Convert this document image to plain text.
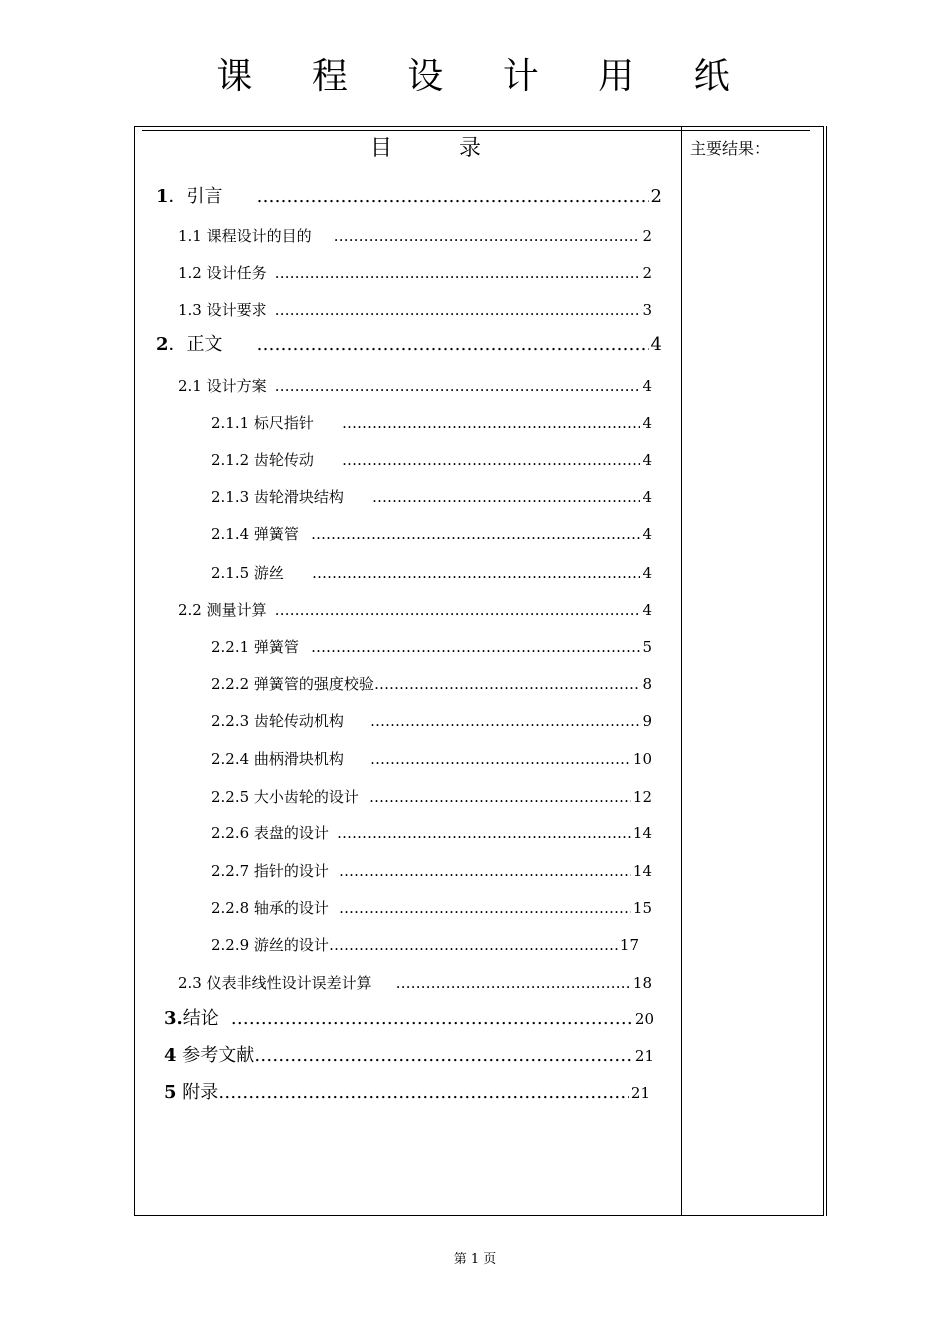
课 程 设 计 用 纸
目 录	主要结果：
1．引言 ………………………………………………………………………………………………………………………………………………	2
1.1 课程设计的目的 ………………………………………………………………………………………………………………………………………………	2
1.2 设计任务 ………………………………………………………………………………………………………………………………………………	2
1.3 设计要求 ………………………………………………………………………………………………………………………………………………	3
2．正文 ………………………………………………………………………………………………………………………………………………	4
2.1 设计方案 ………………………………………………………………………………………………………………………………………………	4
2.1.1 标尺指针 ………………………………………………………………………………………………………………………………………………	4
2.1.2 齿轮传动 ………………………………………………………………………………………………………………………………………………	4
2.1.3 齿轮滑块结构 ………………………………………………………………………………………………………………………………………………	4
2.1.4 弹簧管 ………………………………………………………………………………………………………………………………………………	4
2.1.5 游丝 ………………………………………………………………………………………………………………………………………………	4
2.2 测量计算 ………………………………………………………………………………………………………………………………………………	4
2.2.1 弹簧管 ………………………………………………………………………………………………………………………………………………	5
2.2.2 弹簧管的强度校验 ………………………………………………………………………………………………………………………………………………	8
2.2.3 齿轮传动机构 ………………………………………………………………………………………………………………………………………………	9
2.2.4 曲柄滑块机构 ………………………………………………………………………………………………………………………………………………	10
2.2.5 大小齿轮的设计 ………………………………………………………………………………………………………………………………………………	12
2.2.6 表盘的设计 ………………………………………………………………………………………………………………………………………………	14
2.2.7 指针的设计 ………………………………………………………………………………………………………………………………………………	14
2.2.8 轴承的设计 ………………………………………………………………………………………………………………………………………………	15
2.2.9 游丝的设计 ………………………………………………………………………………………………………………………………………………	17
2.3 仪表非线性设计误差计算 ………………………………………………………………………………………………………………………………………………	18
3.结论 ………………………………………………………………………………………………………………………………………………	20
4 参考文献 ………………………………………………………………………………………………………………………………………………	21
5 附录 ………………………………………………………………………………………………………………………………………………	21
第 1 页
